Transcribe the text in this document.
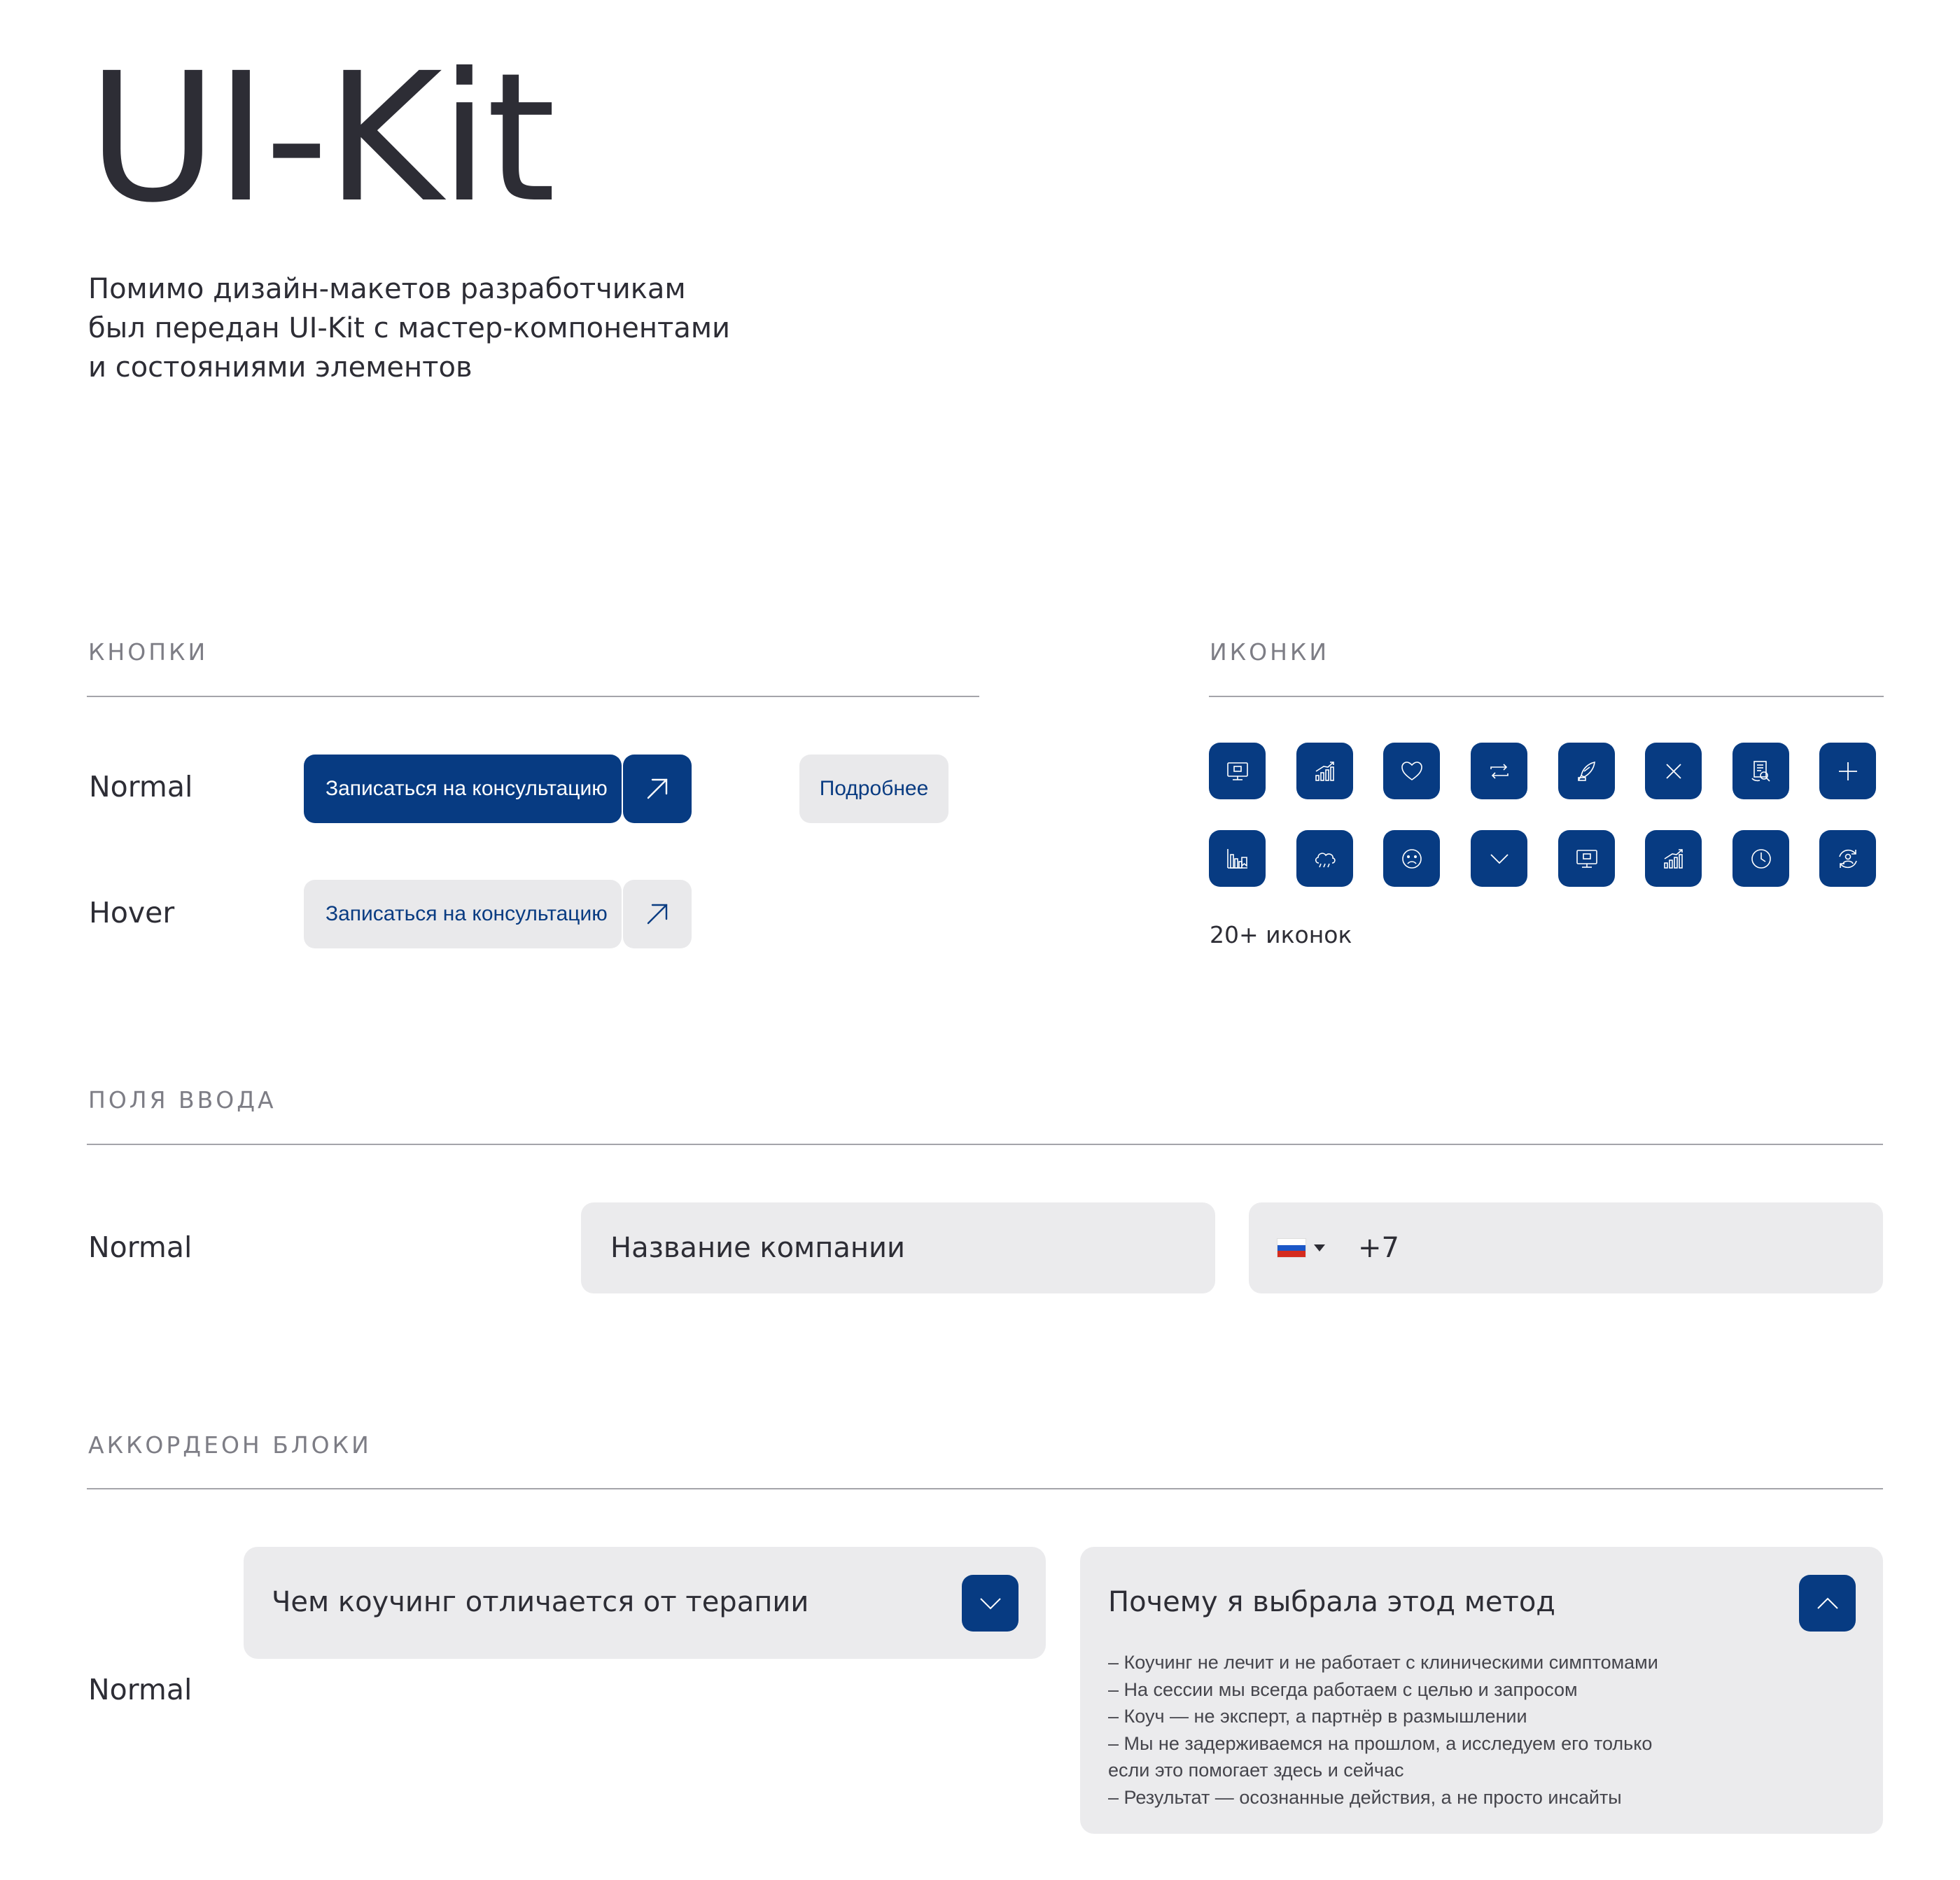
UI-Kit
Помимо дизайн-макетов разработчикам
был передан UI-Kit с мастер-компонентами
и состояниями элементов
КНОПКИ
Normal	Записаться на консультацию	Подробнее
Hover	Записаться на консультацию
ИКОНКИ
20+ иконок
ПОЛЯ ВВОДА
Normal	Название компании	+7
АККОРДЕОН БЛОКИ
Normal
Чем коучинг отличается от терапии	Почему я выбрала этод метод
– Коучинг не лечит и не работает с клиническими симптомами
– На сессии мы всегда работаем с целью и запросом
– Коуч — не эксперт, а партнёр в размышлении
– Мы не задерживаемся на прошлом, а исследуем его только
если это помогает здесь и сейчас
– Результат — осознанные действия, а не просто инсайты
